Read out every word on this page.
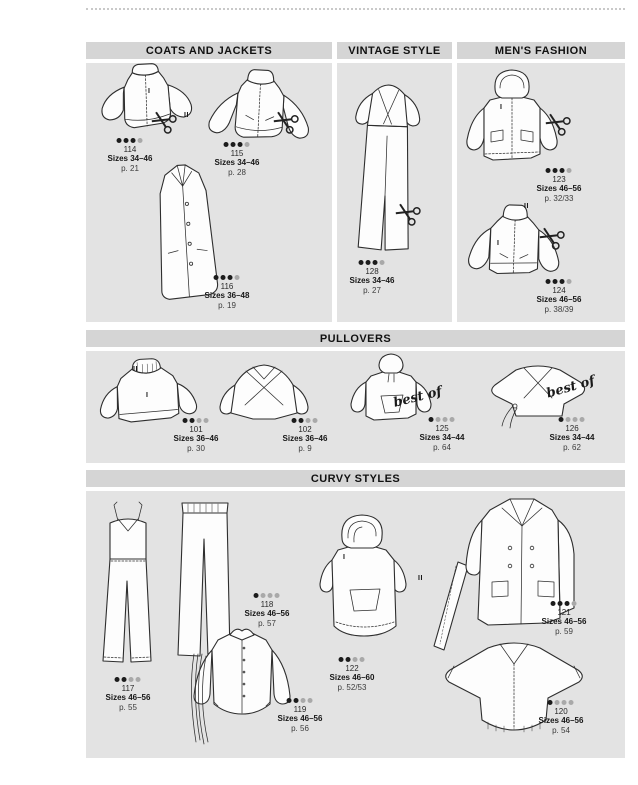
COATS AND JACKETS	VINTAGE STYLE	MEN'S FASHION
PULLOVERS
CURVY STYLES
I
II
I
II
I
II
I
I
II
best of	best of
114
Sizes 34–46
p. 21
115
Sizes 34–46
p. 28
116
Sizes 36–48
p. 19
128
Sizes 34–46
p. 27
123
Sizes 46–56
p. 32/33
124
Sizes 46–56
p. 38/39
101
Sizes 36–46
p. 30
102
Sizes 36–46
p. 9
125
Sizes 34–44
p. 64
126
Sizes 34–44
p. 62
117
Sizes 46–56
p. 55
118
Sizes 46–56
p. 57
119
Sizes 46–56
p. 56
122
Sizes 46–60
p. 52/53
121
Sizes 46–56
p. 59
120
Sizes 46–56
p. 54
